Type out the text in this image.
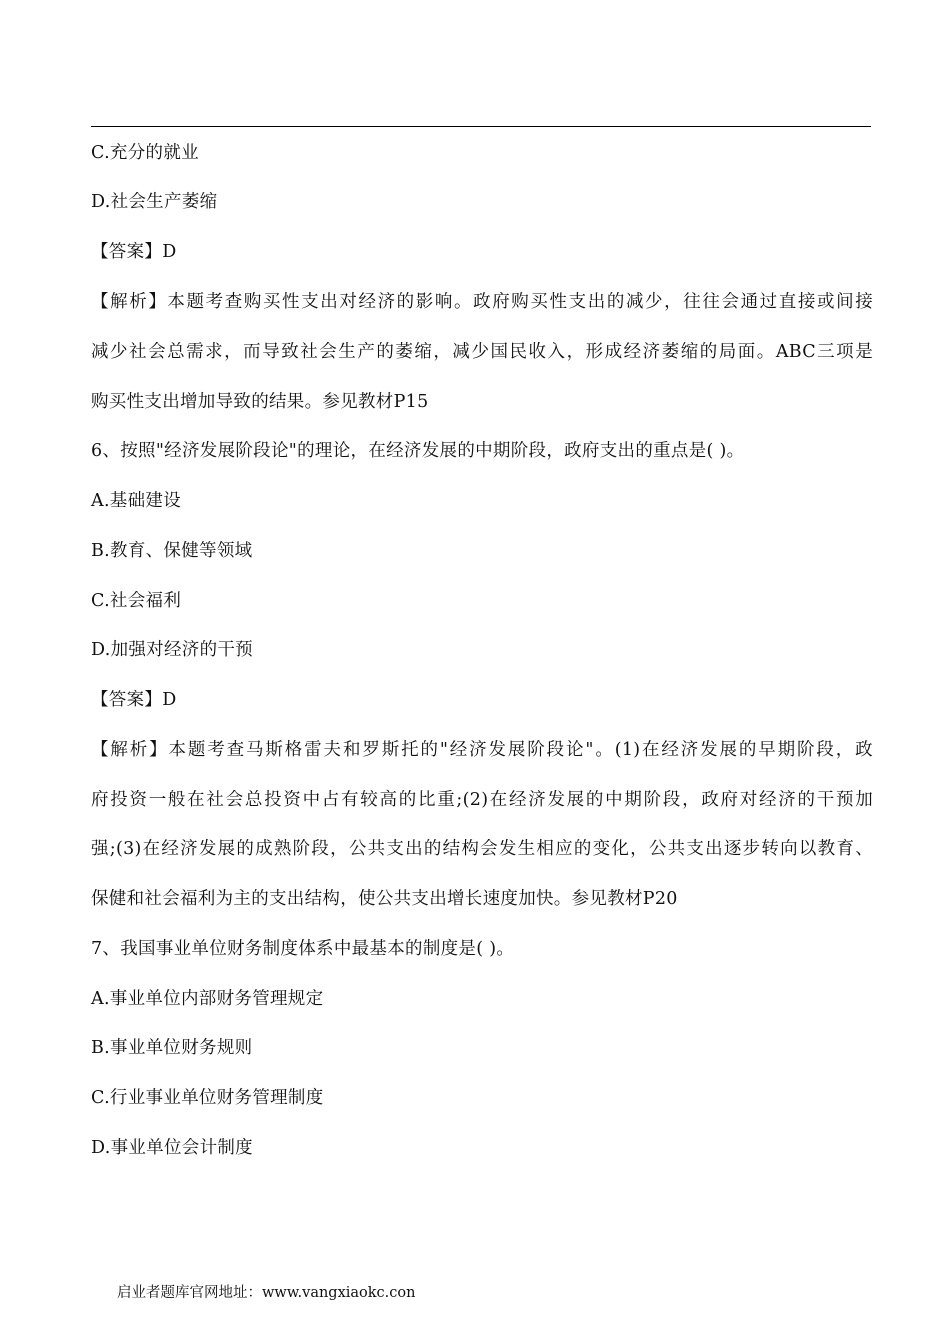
C.充分的就业
D.社会生产萎缩
【答案】D
【解析】本题考查购买性支出对经济的影响。政府购买性支出的减少，往往会通过直接或间接
减少社会总需求，而导致社会生产的萎缩，减少国民收入，形成经济萎缩的局面。ABC三项是
购买性支出增加导致的结果。参见教材P15
6、按照"经济发展阶段论"的理论，在经济发展的中期阶段，政府支出的重点是( )。
A.基础建设
B.教育、保健等领域
C.社会福利
D.加强对经济的干预
【答案】D
【解析】本题考查马斯格雷夫和罗斯托的"经济发展阶段论"。(1)在经济发展的早期阶段，政
府投资一般在社会总投资中占有较高的比重;(2)在经济发展的中期阶段，政府对经济的干预加
强;(3)在经济发展的成熟阶段，公共支出的结构会发生相应的变化，公共支出逐步转向以教育、
保健和社会福利为主的支出结构，使公共支出增长速度加快。参见教材P20
7、我国事业单位财务制度体系中最基本的制度是( )。
A.事业单位内部财务管理规定
B.事业单位财务规则
C.行业事业单位财务管理制度
D.事业单位会计制度
启业者题库官网地址：www.vangxiaokc.con
